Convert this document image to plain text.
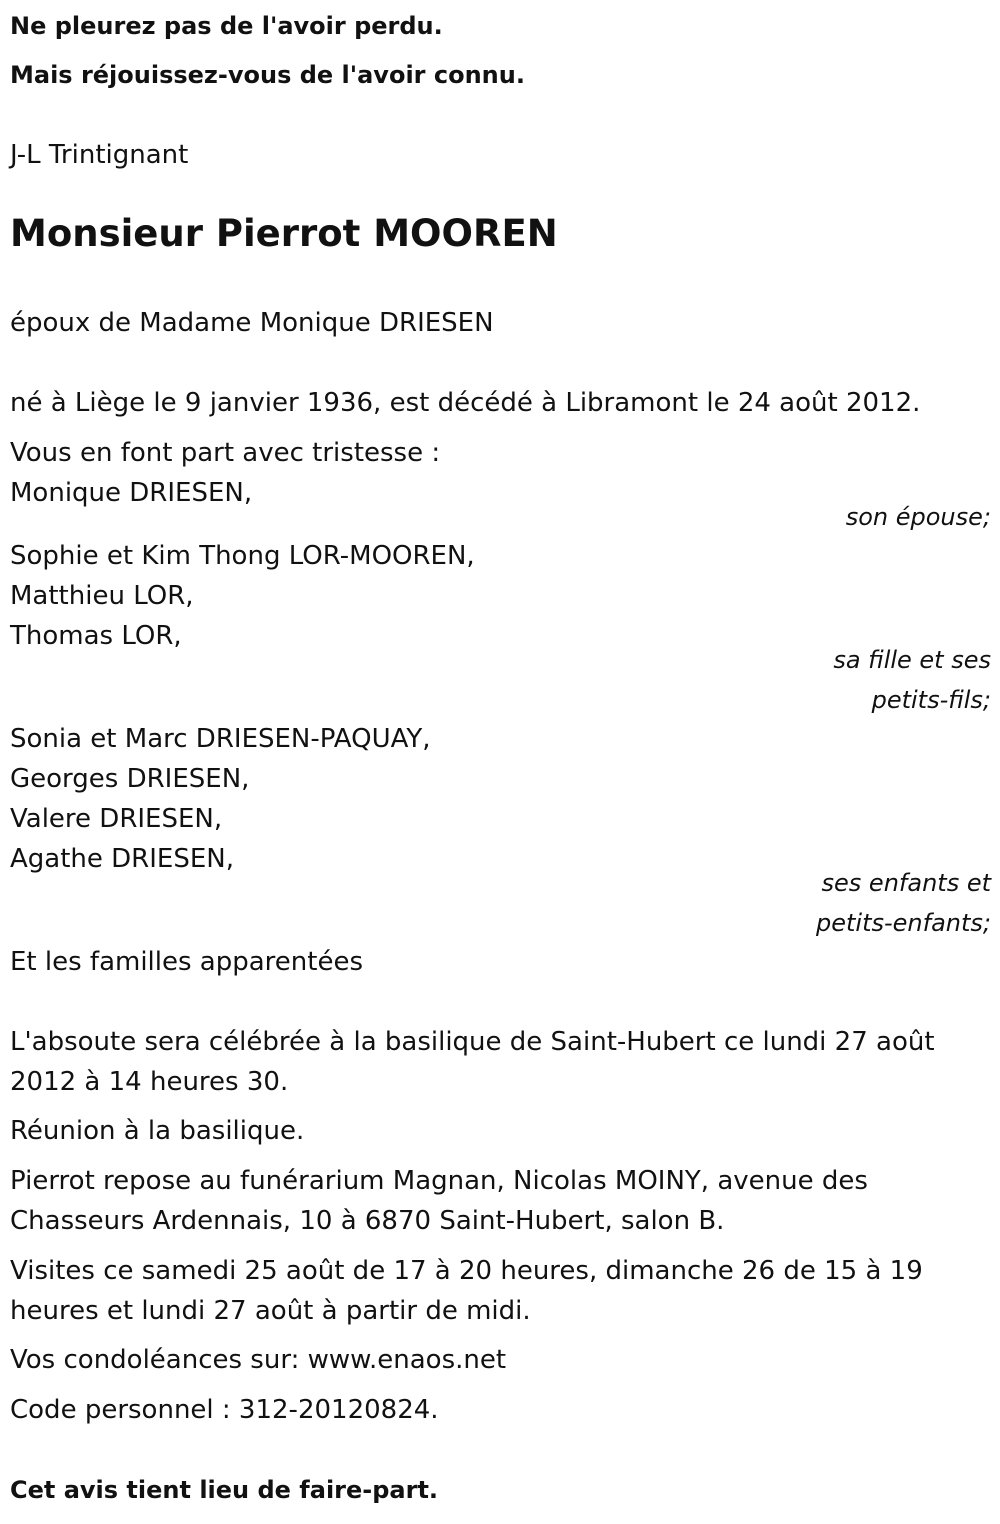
Ne pleurez pas de l'avoir perdu.
Mais réjouissez-vous de l'avoir connu.
J-L Trintignant
Monsieur Pierrot MOOREN
époux de Madame Monique DRIESEN
né à Liège le 9 janvier 1936, est décédé à Libramont le 24 août 2012.
Vous en font part avec tristesse :
Monique DRIESEN,
son épouse;
Sophie et Kim Thong LOR-MOOREN,
Matthieu LOR,
Thomas LOR,
sa fille et ses
petits-fils;
Sonia et Marc DRIESEN-PAQUAY,
Georges DRIESEN,
Valere DRIESEN,
Agathe DRIESEN,
ses enfants et
petits-enfants;
Et les familles apparentées
L'absoute sera célébrée à la basilique de Saint-Hubert ce lundi 27 août
2012 à 14 heures 30.
Réunion à la basilique.
Pierrot repose au funérarium Magnan, Nicolas MOINY, avenue des
Chasseurs Ardennais, 10 à 6870 Saint-Hubert, salon B.
Visites ce samedi 25 août de 17 à 20 heures, dimanche 26 de 15 à 19
heures et lundi 27 août à partir de midi.
Vos condoléances sur: www.enaos.net
Code personnel : 312-20120824.
Cet avis tient lieu de faire-part.
